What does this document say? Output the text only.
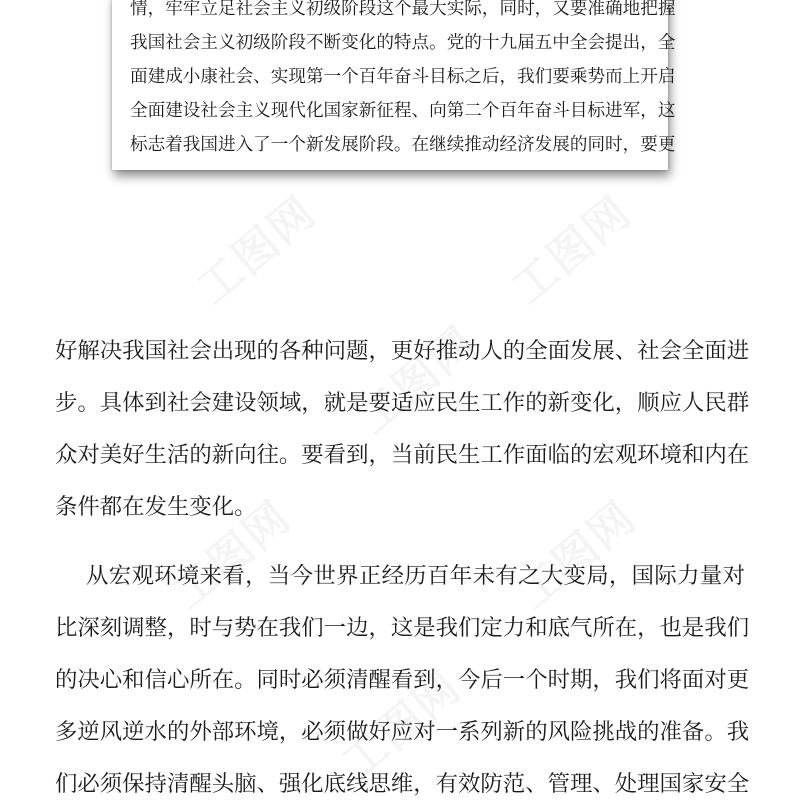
情，牢牢立足社会主义初级阶段这个最大实际，同时，又要准确地把握
我国社会主义初级阶段不断变化的特点。党的十九届五中全会提出，全
面建成小康社会、实现第一个百年奋斗目标之后，我们要乘势而上开启
全面建设社会主义现代化国家新征程、向第二个百年奋斗目标进军，这
标志着我国进入了一个新发展阶段。在继续推动经济发展的同时，要更
好解决我国社会出现的各种问题，更好推动人的全面发展、社会全面进
步。具体到社会建设领域，就是要适应民生工作的新变化，顺应人民群
众对美好生活的新向往。要看到，当前民生工作面临的宏观环境和内在
条件都在发生变化。
从宏观环境来看，当今世界正经历百年未有之大变局，国际力量对
比深刻调整，时与势在我们一边，这是我们定力和底气所在，也是我们
的决心和信心所在。同时必须清醒看到，今后一个时期，我们将面对更
多逆风逆水的外部环境，必须做好应对一系列新的风险挑战的准备。我
们必须保持清醒头脑、强化底线思维，有效防范、管理、处理国家安全
